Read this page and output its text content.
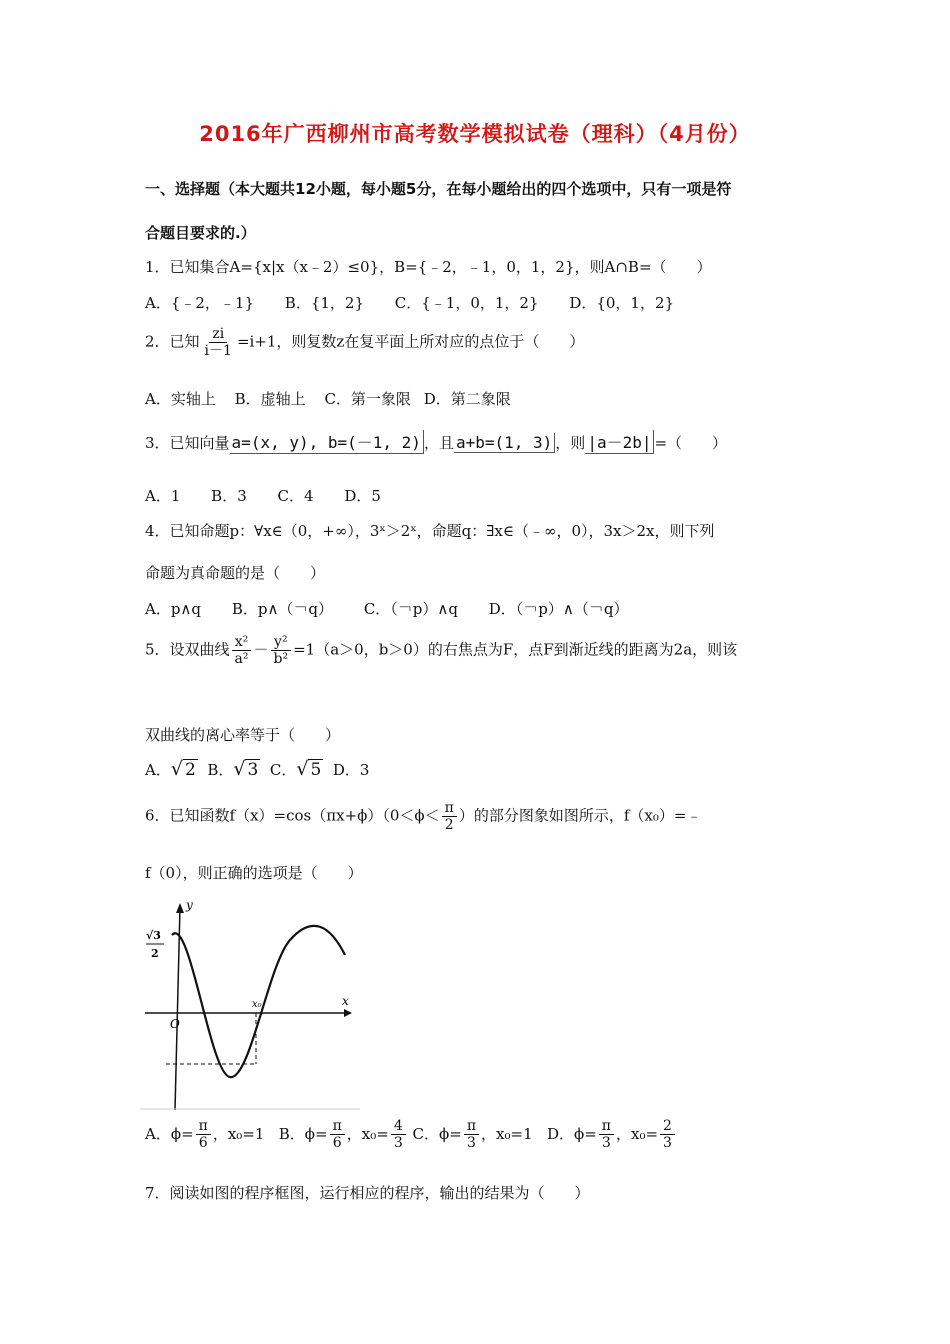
2016年广西柳州市高考数学模拟试卷（理科）（4月份）
一、选择题（本大题共12小题，每小题5分，在每小题给出的四个选项中，只有一项是符
合题目要求的.）
1．已知集合A={x|x（x﹣2）≤0}，B={﹣2，﹣1，0，1，2}，则A∩B=（　　）
A．{﹣2，﹣1} B．{1，2} C．{﹣1，0，1，2} D．{0，1，2}
2．已知 $\frac{zi}{i-1} =i+1$，则复数z在复平面上所对应的点位于（　　）
A．实轴上 B．虚轴上 C．第一象限 D．第二象限
3．已知向量 a=(x, y), b=(－1, 2) ，且 a+b=(1, 3) ，则 |a－2b| =（　　）
A．1 B．3 C．4 D．5
4．已知命题p：∀x∈（0，+∞），3ˣ＞2ˣ，命题q：∃x∈（﹣∞，0），3x＞2x，则下列
命题为真命题的是（　　）
A．p∧q B．p∧（￢q） C．（￢p）∧q D．（￢p）∧（￢q）
5．设双曲线 $\frac{\text{x²}}{\text{a²}} - \frac{\text{y²}}{\text{b²}} =1(a>0$，b＞0）的右焦点为F，点F到渐近线的距离为2a，则该
双曲线的离心率等于（　　）
A．√ 2 B．√ 3 C．√ 5 D．3
6．已知函数$f(x)=\cos(\pi x+\phi)(0<\phi< \frac{\pi}{2}$ ）的部分图象如图所示，f（x₀）=﹣
f（0），则正确的选项是（　　）
y
x
O
x₀
√3
2
A．$\phi= \frac{\pi}{6}$ ，x₀=1 B．$\phi= \frac{\pi}{6}$ ，$x_0= \frac{4}{3}$ C．$\phi= \frac{\pi}{3}$ ，x₀=1 D．$\phi= \frac{\pi}{3}$ ，$x_0= \frac{2}{3}$
7．阅读如图的程序框图，运行相应的程序，输出的结果为（　　）
